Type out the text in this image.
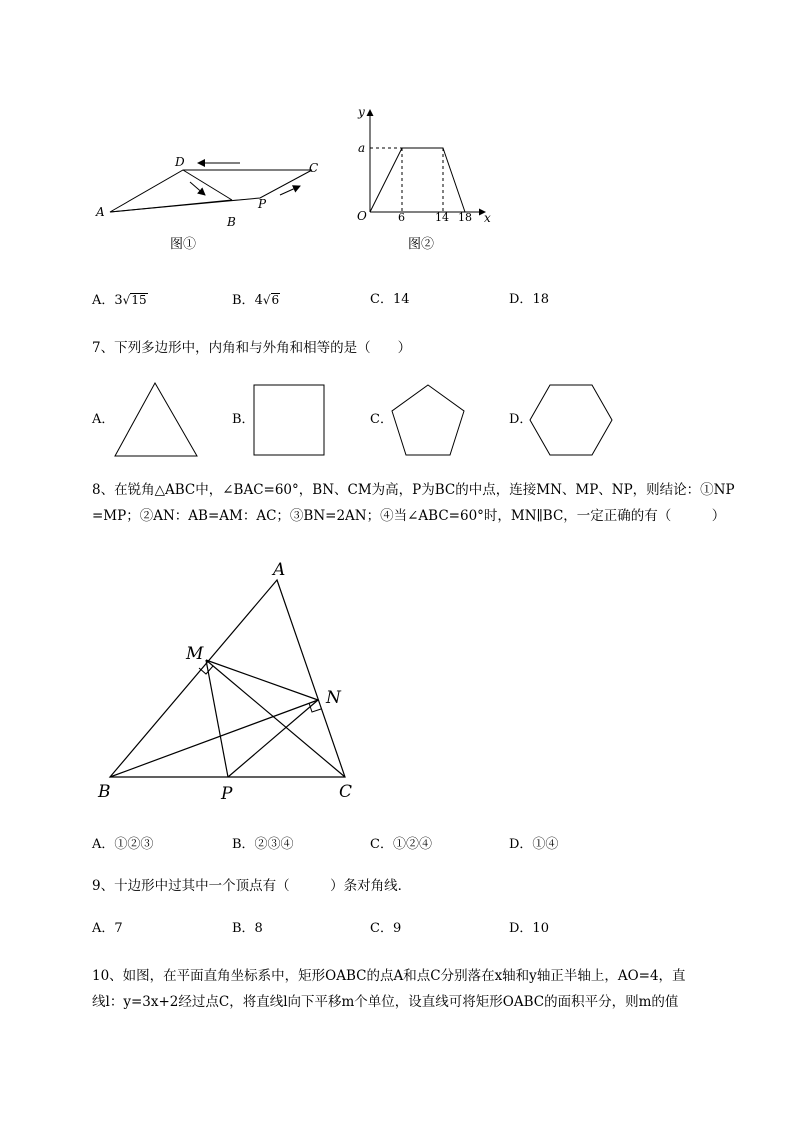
A
D	C
B
P
图①
y
x
a
O	6	14 18
图②
A．3√15	B．4√6	C．14	D．18
7、下列多边形中，内角和与外角和相等的是（　　）
A．	B．	C．	D．
8、在锐角△ABC中，∠BAC=60°，BN、CM为高，P为BC的中点，连接MN、MP、NP，则结论：①NP
=MP；②AN：AB=AM：AC；③BN=2AN；④当∠ABC=60°时，MN∥BC，一定正确的有（　　　）
A
M
N
B	P	C
A．①②③	B．②③④	C．①②④	D．①④
9、十边形中过其中一个顶点有（　　　）条对角线．
A．7	B．8	C．9	D．10
10、如图，在平面直角坐标系中，矩形OABC的点A和点C分别落在x轴和y轴正半轴上，AO=4，直
线l：y=3x+2经过点C，将直线l向下平移m个单位，设直线可将矩形OABC的面积平分，则m的值
